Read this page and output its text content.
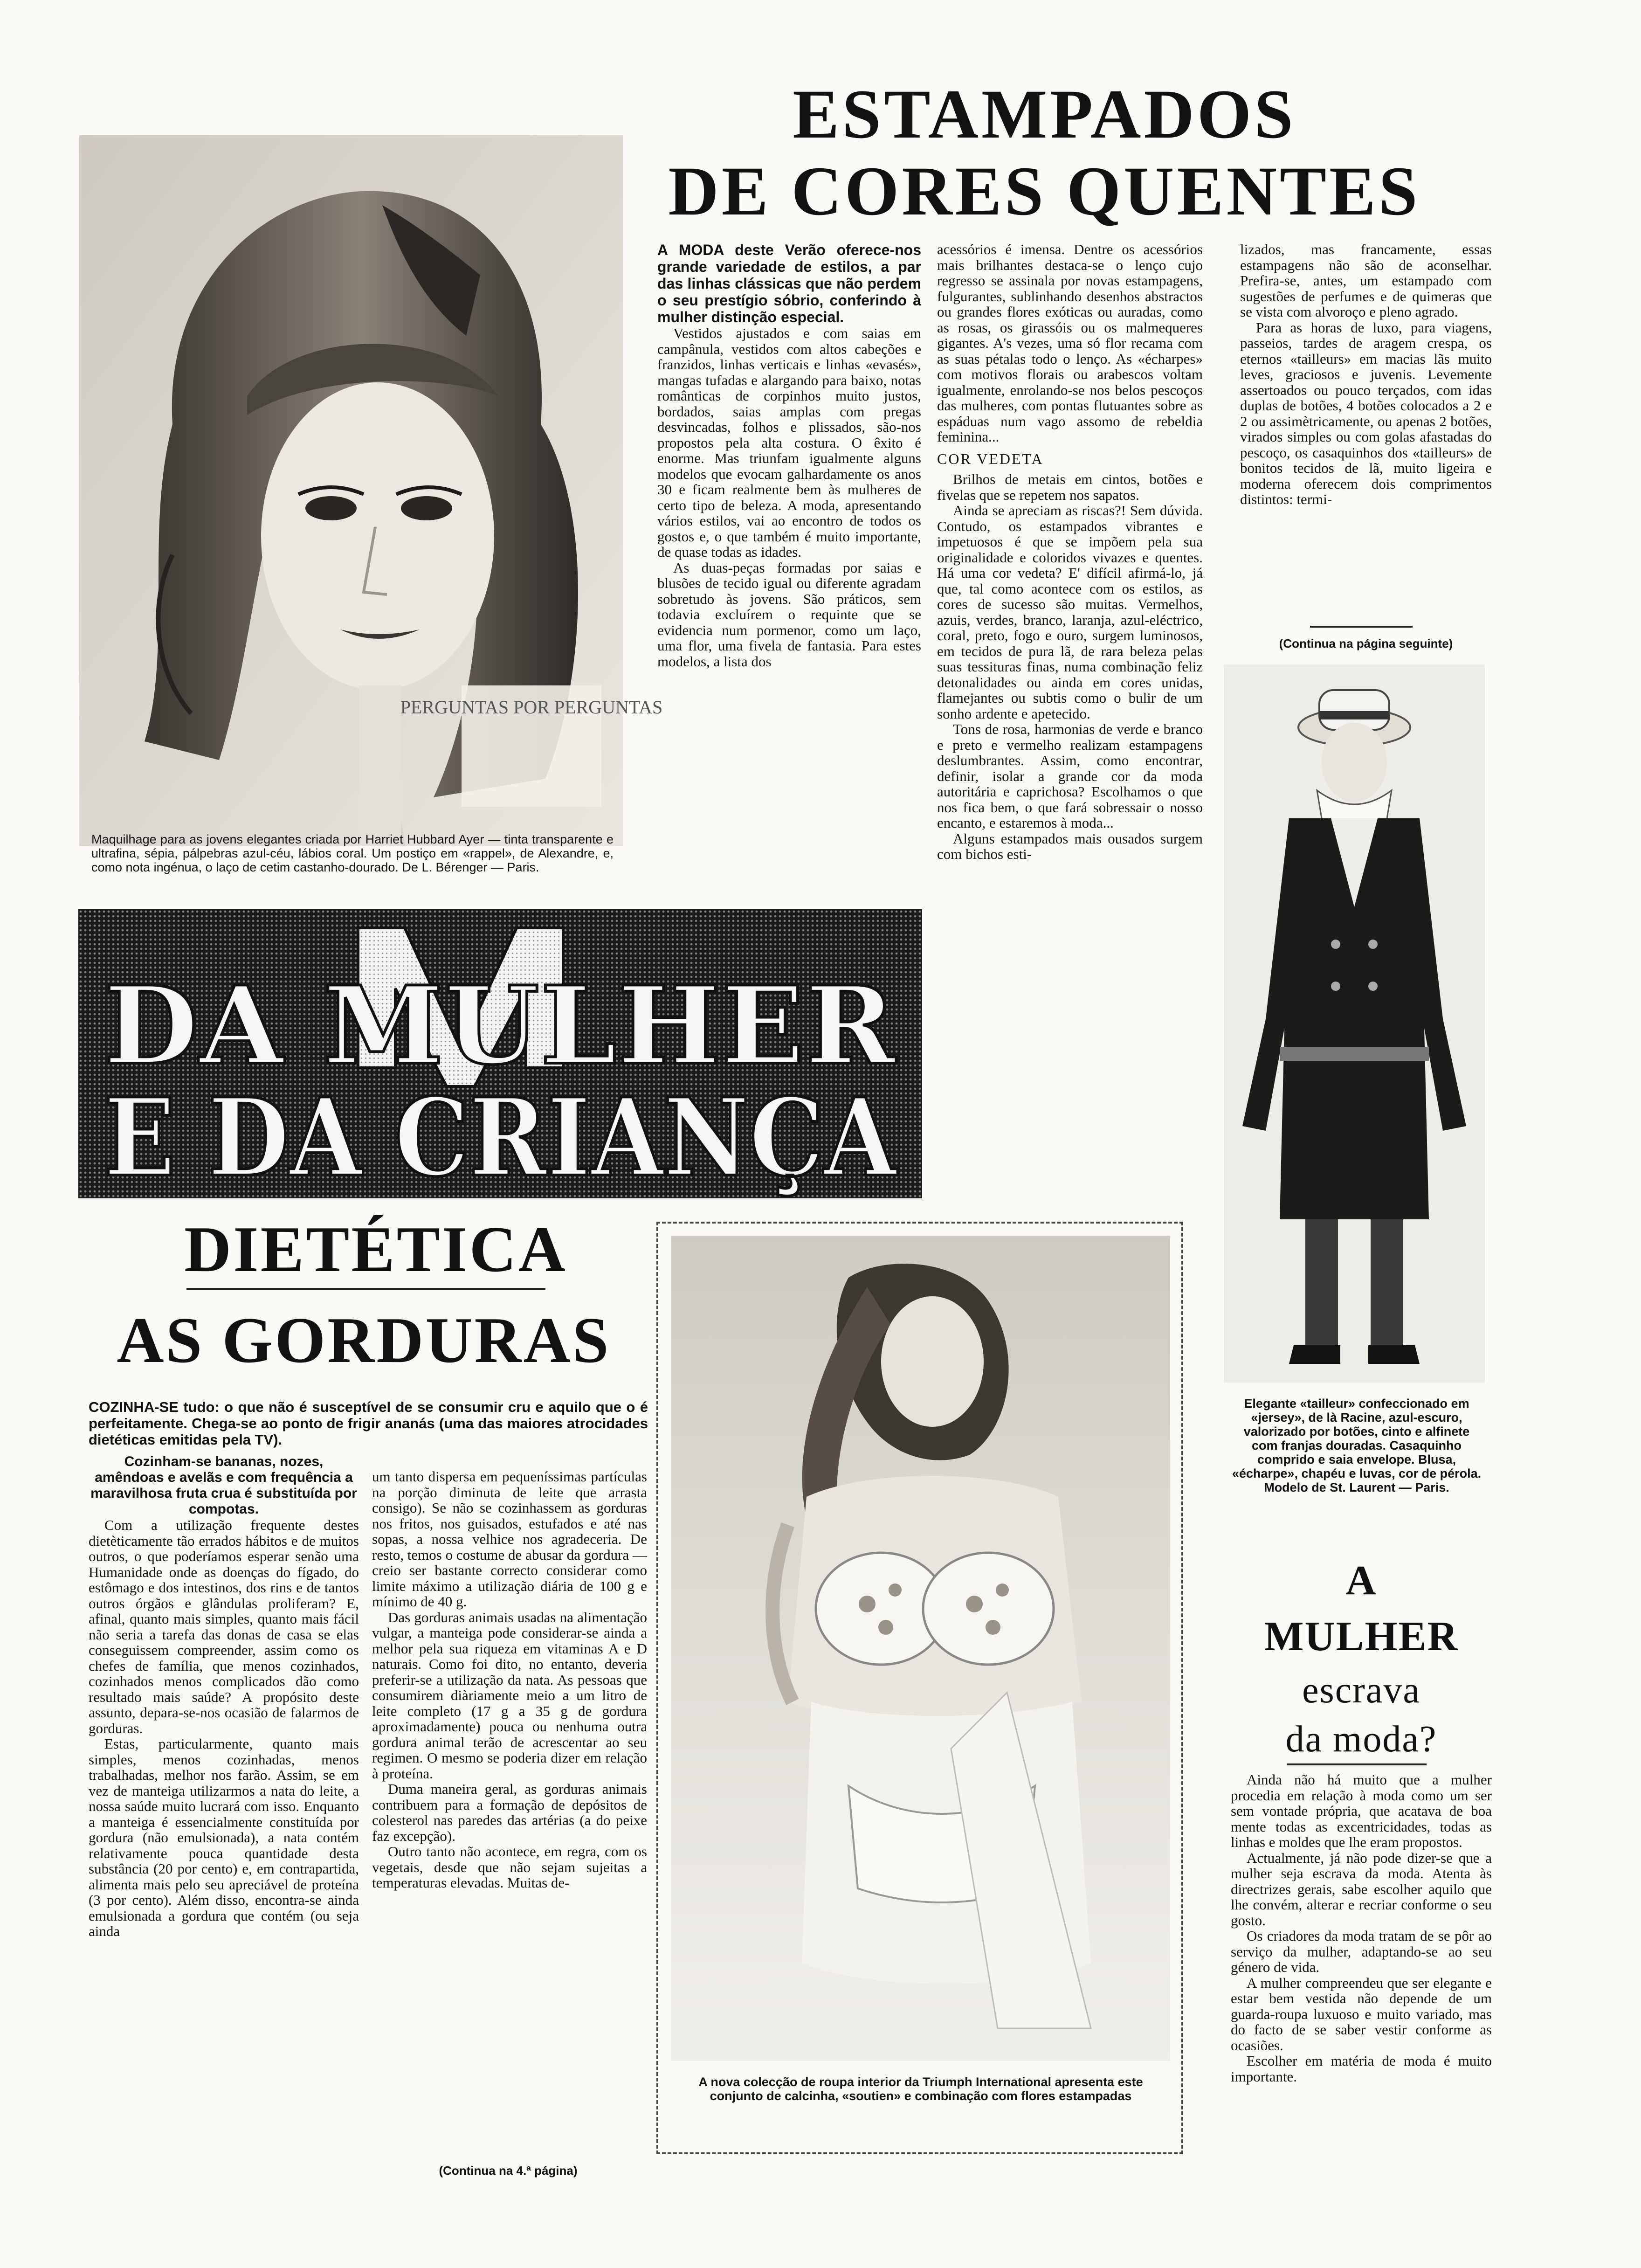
PERGUNTAS POR PERGUNTAS
Maquilhage para as jovens elegantes criada por Harriet Hubbard Ayer — tinta transparente e ultrafina, sépia, pálpebras azul-céu, lábios coral. Um postiço em «rappel», de Alexandre, e, como nota ingénua, o laço de cetim castanho-dourado. De L. Bérenger — Paris.
ESTAMPADOS
DE CORES QUENTES

A MODA deste Verão oferece-nos grande variedade de estilos, a par das linhas clássicas que não perdem o seu prestígio sóbrio, conferindo à mulher distinção especial.

Vestidos ajustados e com saias em campânula, vestidos com altos cabeções e franzidos, linhas verticais e linhas «evasés», mangas tufadas e alargando para baixo, notas românticas de corpinhos muito justos, bordados, saias amplas com pregas desvincadas, folhos e plissados, são-nos propostos pela alta costura. O êxito é enorme. Mas triunfam igualmente alguns modelos que evocam galhardamente os anos 30 e ficam realmente bem às mulheres de certo tipo de beleza. A moda, apresentando vários estilos, vai ao encontro de todos os gostos e, o que também é muito importante, de quase todas as idades.

As duas-peças formadas por saias e blusões de tecido igual ou diferente agradam sobretudo às jovens. São práticos, sem todavia excluírem o requinte que se evidencia num pormenor, como um laço, uma flor, uma fivela de fantasia. Para estes modelos, a lista dos

acessórios é imensa. Dentre os acessórios mais brilhantes destaca-se o lenço cujo regresso se assinala por novas estampagens, fulgurantes, sublinhando desenhos abstractos ou grandes flores exóticas ou auradas, como as rosas, os girassóis ou os malmequeres gigantes. A's vezes, uma só flor recama com as suas pétalas todo o lenço. As «écharpes» com motivos florais ou arabescos voltam igualmente, enrolando-se nos belos pescoços das mulheres, com pontas flutuantes sobre as espáduas num vago assomo de rebeldia feminina...

COR VEDETA

Brilhos de metais em cintos, botões e fivelas que se repetem nos sapatos.

Ainda se apreciam as riscas?! Sem dúvida. Contudo, os estampados vibrantes e impetuosos é que se impõem pela sua originalidade e coloridos vivazes e quentes. Há uma cor vedeta? E' difícil afirmá-lo, já que, tal como acontece com os estilos, as cores de sucesso são muitas. Vermelhos, azuis, verdes, branco, laranja, azul-eléctrico, coral, preto, fogo e ouro, surgem luminosos, em tecidos de pura lã, de rara beleza pelas suas tessituras finas, numa combinação feliz detonalidades ou ainda em cores unidas, flamejantes ou subtis como o bulir de um sonho ardente e apetecido.

Tons de rosa, harmonias de verde e branco e preto e vermelho realizam estampagens deslumbrantes. Assim, como encontrar, definir, isolar a grande cor da moda autoritária e caprichosa? Escolhamos o que nos fica bem, o que fará sobressair o nosso encanto, e estaremos à moda...

Alguns estampados mais ousados surgem com bichos esti-

lizados, mas francamente, essas estampagens não são de aconselhar. Prefira-se, antes, um estampado com sugestões de perfumes e de quimeras que se vista com alvoroço e pleno agrado.

Para as horas de luxo, para viagens, passeios, tardes de aragem crespa, os eternos «tailleurs» em macias lãs muito leves, graciosos e juvenis. Levemente assertoados ou pouco terçados, com idas duplas de botões, 4 botões colocados a 2 e 2 ou assimètricamente, ou apenas 2 botões, virados simples ou com golas afastadas do pescoço, os casaquinhos dos «tailleurs» de bonitos tecidos de lã, muito ligeira e moderna oferecem dois comprimentos distintos: termi-

(Continua na página seguinte)
Elegante «tailleur» confeccionado em «jersey», de là Racine, azul-escuro, valorizado por botões, cinto e alfinete com franjas douradas. Casaquinho comprido e saia envelope. Blusa, «écharpe», chapéu e luvas, cor de pérola. Modelo de St. Laurent — Paris.
DA MULHER
E DA CRIANÇA
DIETÉTICA
AS GORDURAS
COZINHA-SE tudo: o que não é susceptível de se consumir cru e aquilo que o é perfeitamente. Chega-se ao ponto de frigir ananás (uma das maiores atrocidades dietéticas emitidas pela TV).

Cozinham-se bananas, nozes, amêndoas e avelãs e com frequência a maravilhosa fruta crua é substituída por compotas.

Com a utilização frequente destes dietèticamente tão errados hábitos e de muitos outros, o que poderíamos esperar senão uma Humanidade onde as doenças do fígado, do estômago e dos intestinos, dos rins e de tantos outros órgãos e glândulas proliferam? E, afinal, quanto mais simples, quanto mais fácil não seria a tarefa das donas de casa se elas conseguissem compreender, assim como os chefes de família, que menos cozinhados, cozinhados menos complicados dão como resultado mais saúde? A propósito deste assunto, depara-se-nos ocasião de falarmos de gorduras.

Estas, particularmente, quanto mais simples, menos cozinhadas, menos trabalhadas, melhor nos farão. Assim, se em vez de manteiga utilizarmos a nata do leite, a nossa saúde muito lucrará com isso. Enquanto a manteiga é essencialmente constituída por gordura (não emulsionada), a nata contém relativamente pouca quantidade desta substância (20 por cento) e, em contrapartida, alimenta mais pelo seu apreciável de proteína (3 por cento). Além disso, encontra-se ainda emulsionada a gordura que contém (ou seja ainda

um tanto dispersa em pequeníssimas partículas na porção diminuta de leite que arrasta consigo). Se não se cozinhassem as gorduras nos fritos, nos guisados, estufados e até nas sopas, a nossa velhice nos agradeceria. De resto, temos o costume de abusar da gordura — creio ser bastante correcto considerar como limite máximo a utilização diária de 100 g e mínimo de 40 g.

Das gorduras animais usadas na alimentação vulgar, a manteiga pode considerar-se ainda a melhor pela sua riqueza em vitaminas A e D naturais. Como foi dito, no entanto, deveria preferir-se a utilização da nata. As pessoas que consumirem diàriamente meio a um litro de leite completo (17 g a 35 g de gordura aproximadamente) pouca ou nenhuma outra gordura animal terão de acrescentar ao seu regimen. O mesmo se poderia dizer em relação à proteína.

Duma maneira geral, as gorduras animais contribuem para a formação de depósitos de colesterol nas paredes das artérias (a do peixe faz excepção).

Outro tanto não acontece, em regra, com os vegetais, desde que não sejam sujeitas a temperaturas elevadas. Muitas de-

(Continua na 4.ª página)
A nova colecção de roupa interior da Triumph International apresenta este conjunto de calcinha, «soutien» e combinação com flores estampadas
A
MULHER
escrava
da moda?

Ainda não há muito que a mulher procedia em relação à moda como um ser sem vontade própria, que acatava de boa mente todas as excentricidades, todas as linhas e moldes que lhe eram propostos.

Actualmente, já não pode dizer-se que a mulher seja escrava da moda. Atenta às directrizes gerais, sabe escolher aquilo que lhe convém, alterar e recriar conforme o seu gosto.

Os criadores da moda tratam de se pôr ao serviço da mulher, adaptando-se ao seu género de vida.

A mulher compreendeu que ser elegante e estar bem vestida não depende de um guarda-roupa luxuoso e muito variado, mas do facto de se saber vestir conforme as ocasiões.

Escolher em matéria de moda é muito importante.
